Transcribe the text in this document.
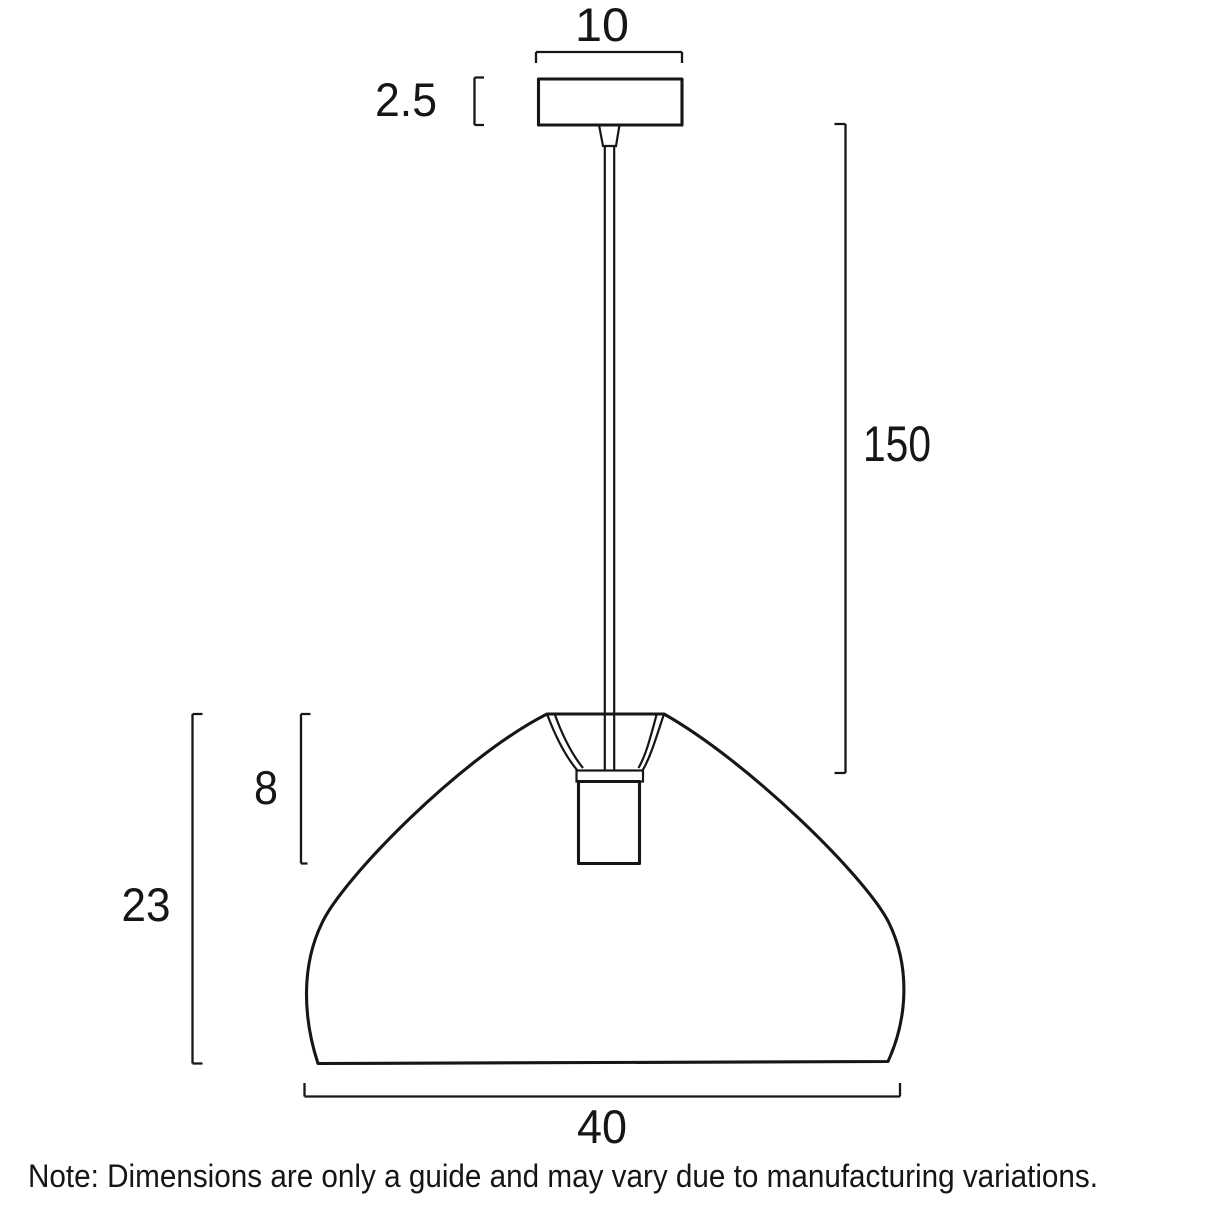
10
2.5
150
8
23
40
Note: Dimensions are only a guide and may vary due to manufacturing variations.
